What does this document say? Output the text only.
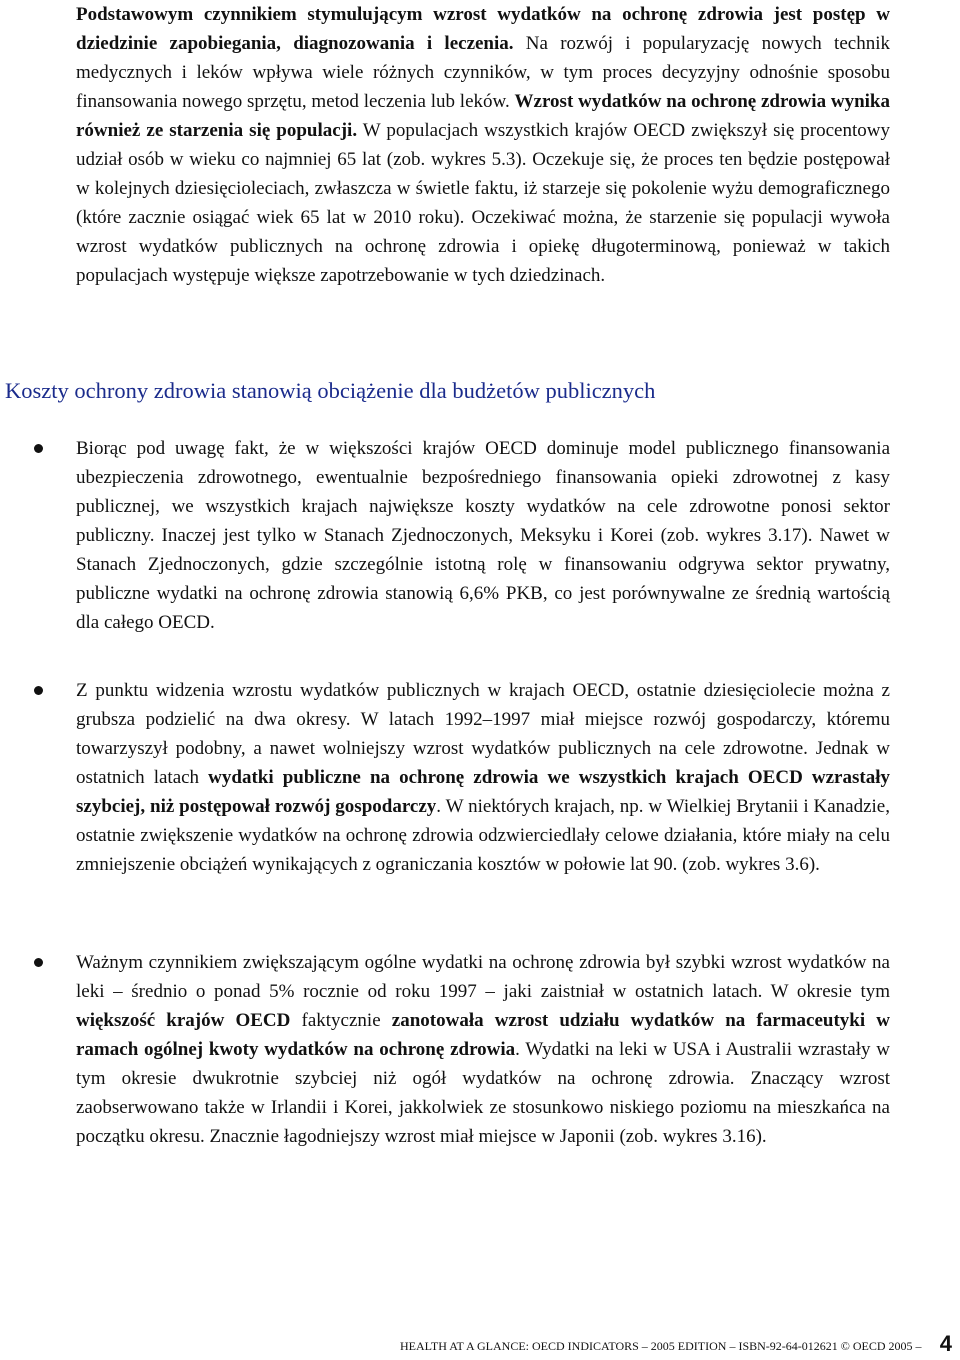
Podstawowym czynnikiem stymulującym wzrost wydatków na ochronę zdrowia jest postęp w dziedzinie zapobiegania, diagnozowania i leczenia. Na rozwój i popularyzację nowych technik medycznych i leków wpływa wiele różnych czynników, w tym proces decyzyjny odnośnie sposobu finansowania nowego sprzętu, metod leczenia lub leków. Wzrost wydatków na ochronę zdrowia wynika również ze starzenia się populacji. W populacjach wszystkich krajów OECD zwiększył się procentowy udział osób w wieku co najmniej 65 lat (zob. wykres 5.3). Oczekuje się, że proces ten będzie postępował w kolejnych dziesięcioleciach, zwłaszcza w świetle faktu, iż starzeje się pokolenie wyżu demograficznego (które zacznie osiągać wiek 65 lat w 2010 roku). Oczekiwać można, że starzenie się populacji wywoła wzrost wydatków publicznych na ochronę zdrowia i opiekę długoterminową, ponieważ w takich populacjach występuje większe zapotrzebowanie w tych dziedzinach.

Koszty ochrony zdrowia stanowią obciążenie dla budżetów publicznych

Biorąc pod uwagę fakt, że w większości krajów OECD dominuje model publicznego finansowania ubezpieczenia zdrowotnego, ewentualnie bezpośredniego finansowania opieki zdrowotnej z kasy publicznej, we wszystkich krajach największe koszty wydatków na cele zdrowotne ponosi sektor publiczny. Inaczej jest tylko w Stanach Zjednoczonych, Meksyku i Korei (zob. wykres 3.17). Nawet w Stanach Zjednoczonych, gdzie szczególnie istotną rolę w finansowaniu odgrywa sektor prywatny, publiczne wydatki na ochronę zdrowia stanowią 6,6% PKB, co jest porównywalne ze średnią wartością dla całego OECD.

Z punktu widzenia wzrostu wydatków publicznych w krajach OECD, ostatnie dziesięciolecie można z grubsza podzielić na dwa okresy. W latach 1992–1997 miał miejsce rozwój gospodarczy, któremu towarzyszył podobny, a nawet wolniejszy wzrost wydatków publicznych na cele zdrowotne. Jednak w ostatnich latach wydatki publiczne na ochronę zdrowia we wszystkich krajach OECD wzrastały szybciej, niż postępował rozwój gospodarczy. W niektórych krajach, np. w Wielkiej Brytanii i Kanadzie, ostatnie zwiększenie wydatków na ochronę zdrowia odzwierciedlały celowe działania, które miały na celu zmniejszenie obciążeń wynikających z ograniczania kosztów w połowie lat 90. (zob. wykres 3.6).

Ważnym czynnikiem zwiększającym ogólne wydatki na ochronę zdrowia był szybki wzrost wydatków na leki – średnio o ponad 5% rocznie od roku 1997 – jaki zaistniał w ostatnich latach. W okresie tym większość krajów OECD faktycznie zanotowała wzrost udziału wydatków na farmaceutyki w ramach ogólnej kwoty wydatków na ochronę zdrowia. Wydatki na leki w USA i Australii wzrastały w tym okresie dwukrotnie szybciej niż ogół wydatków na ochronę zdrowia. Znaczący wzrost zaobserwowano także w Irlandii i Korei, jakkolwiek ze stosunkowo niskiego poziomu na mieszkańca na początku okresu. Znacznie łagodniejszy wzrost miał miejsce w Japonii (zob. wykres 3.16).

HEALTH AT A GLANCE: OECD INDICATORS – 2005 EDITION – ISBN-92-64-012621 © OECD 2005 – 4
